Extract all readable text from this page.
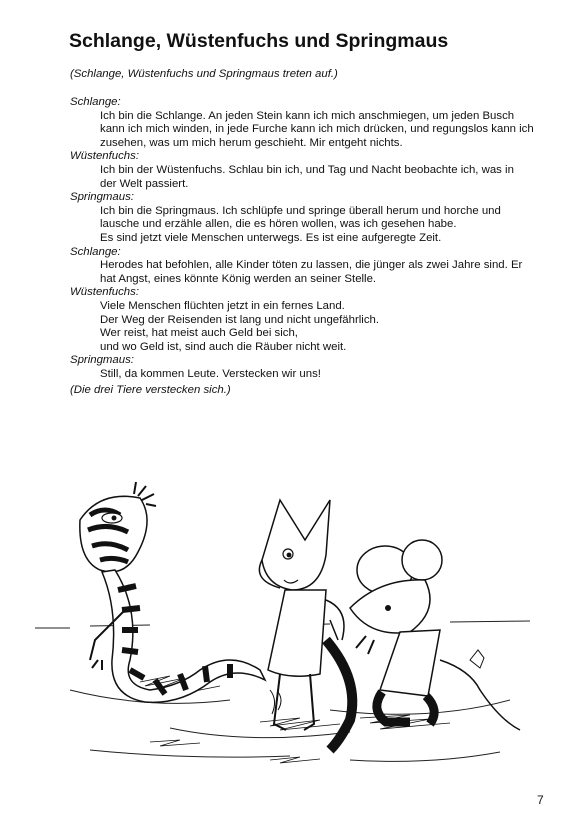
Schlange, Wüstenfuchs und Springmaus
(Schlange, Wüstenfuchs und Springmaus treten auf.)
Schlange:
Ich bin die Schlange. An jeden Stein kann ich mich anschmiegen, um jeden Busch
kann ich mich winden, in jede Furche kann ich mich drücken, und regungslos kann ich
zusehen, was um mich herum geschieht. Mir entgeht nichts.
Wüstenfuchs:
Ich bin der Wüstenfuchs. Schlau bin ich, und Tag und Nacht beobachte ich, was in
der Welt passiert.
Springmaus:
Ich bin die Springmaus. Ich schlüpfe und springe überall herum und horche und
lausche und erzähle allen, die es hören wollen, was ich gesehen habe.
Es sind jetzt viele Menschen unterwegs. Es ist eine aufgeregte Zeit.
Schlange:
Herodes hat befohlen, alle Kinder töten zu lassen, die jünger als zwei Jahre sind. Er
hat Angst, eines könnte König werden an seiner Stelle.
Wüstenfuchs:
Viele Menschen flüchten jetzt in ein fernes Land.
Der Weg der Reisenden ist lang und nicht ungefährlich.
Wer reist, hat meist auch Geld bei sich,
und wo Geld ist, sind auch die Räuber nicht weit.
Springmaus:
Still, da kommen Leute. Verstecken wir uns!
(Die drei Tiere verstecken sich.)
7
